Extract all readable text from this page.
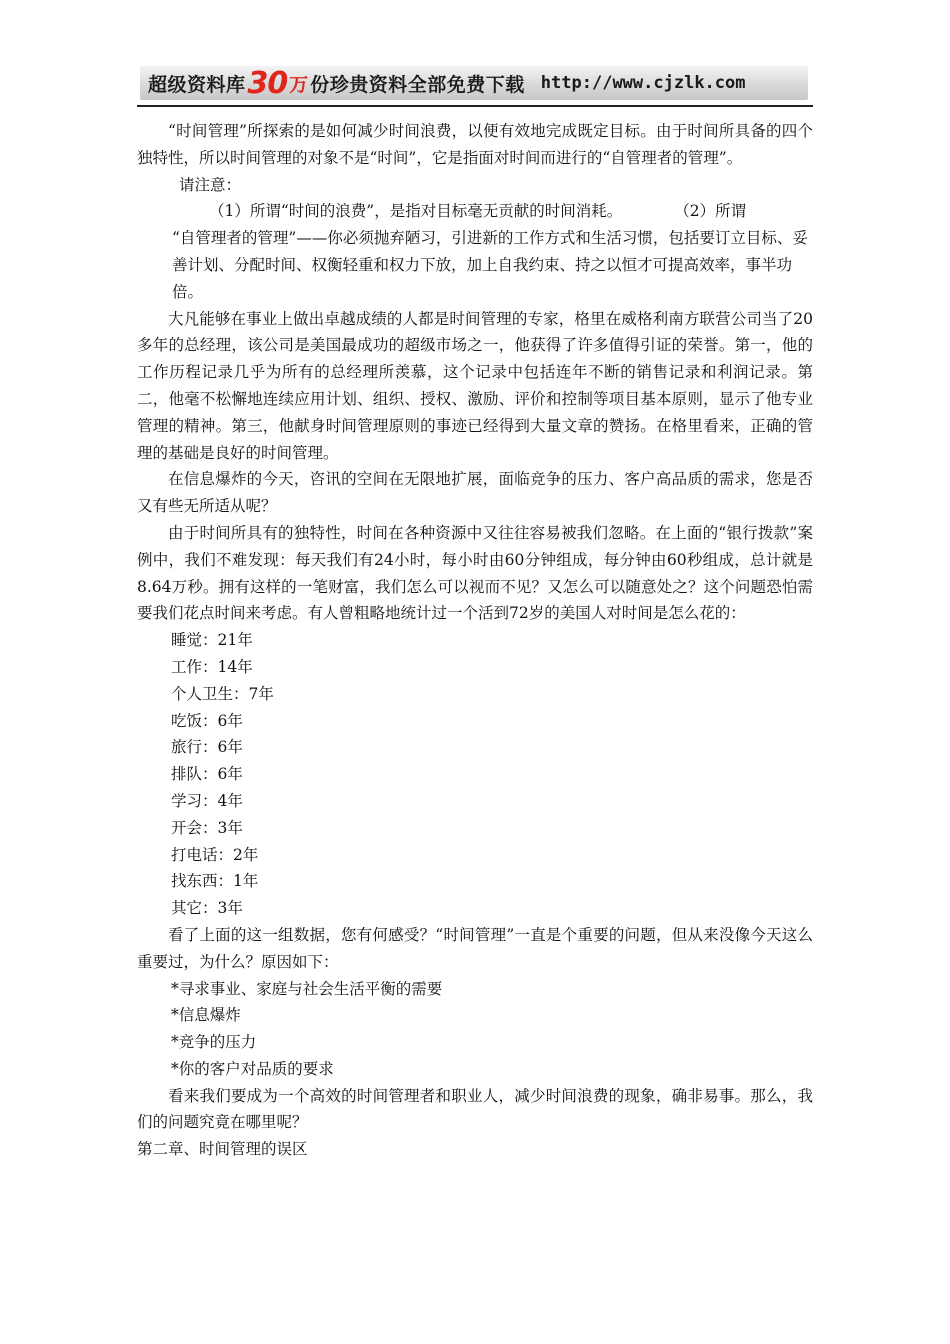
超级资料库 30 万 份珍贵资料全部免费下载 http://www.cjzlk.com

“时间管理”所探索的是如何减少时间浪费，以便有效地完成既定目标。由于时间所具备的四个独特性，所以时间管理的对象不是“时间”，它是指面对时间而进行的“自管理者的管理”。

请注意：

（1）所谓“时间的浪费”，是指对目标毫无贡献的时间消耗。	（2）所谓

“自管理者的管理”——你必须抛弃陋习，引进新的工作方式和生活习惯，包括要订立目标、妥善计划、分配时间、权衡轻重和权力下放，加上自我约束、持之以恒才可提高效率，事半功倍。

大凡能够在事业上做出卓越成绩的人都是时间管理的专家，格里在威格利南方联营公司当了20多年的总经理，该公司是美国最成功的超级市场之一，他获得了许多值得引证的荣誉。第一，他的工作历程记录几乎为所有的总经理所羡慕，这个记录中包括连年不断的销售记录和利润记录。第二，他毫不松懈地连续应用计划、组织、授权、激励、评价和控制等项目基本原则，显示了他专业管理的精神。第三，他献身时间管理原则的事迹已经得到大量文章的赞扬。在格里看来，正确的管理的基础是良好的时间管理。

在信息爆炸的今天，咨讯的空间在无限地扩展，面临竞争的压力、客户高品质的需求，您是否又有些无所适从呢？

由于时间所具有的独特性，时间在各种资源中又往往容易被我们忽略。在上面的“银行拨款”案例中，我们不难发现：每天我们有24小时，每小时由60分钟组成，每分钟由60秒组成，总计就是8.64万秒。拥有这样的一笔财富，我们怎么可以视而不见？又怎么可以随意处之？这个问题恐怕需要我们花点时间来考虑。有人曾粗略地统计过一个活到72岁的美国人对时间是怎么花的：

睡觉：21年
工作：14年
个人卫生：7年
吃饭：6年
旅行：6年
排队：6年
学习：4年
开会：3年
打电话：2年
找东西：1年
其它：3年

看了上面的这一组数据，您有何感受？“时间管理”一直是个重要的问题，但从来没像今天这么重要过，为什么？原因如下：

*寻求事业、家庭与社会生活平衡的需要
*信息爆炸
*竞争的压力
*你的客户对品质的要求

看来我们要成为一个高效的时间管理者和职业人，减少时间浪费的现象，确非易事。那么，我们的问题究竟在哪里呢？

第二章、时间管理的误区
